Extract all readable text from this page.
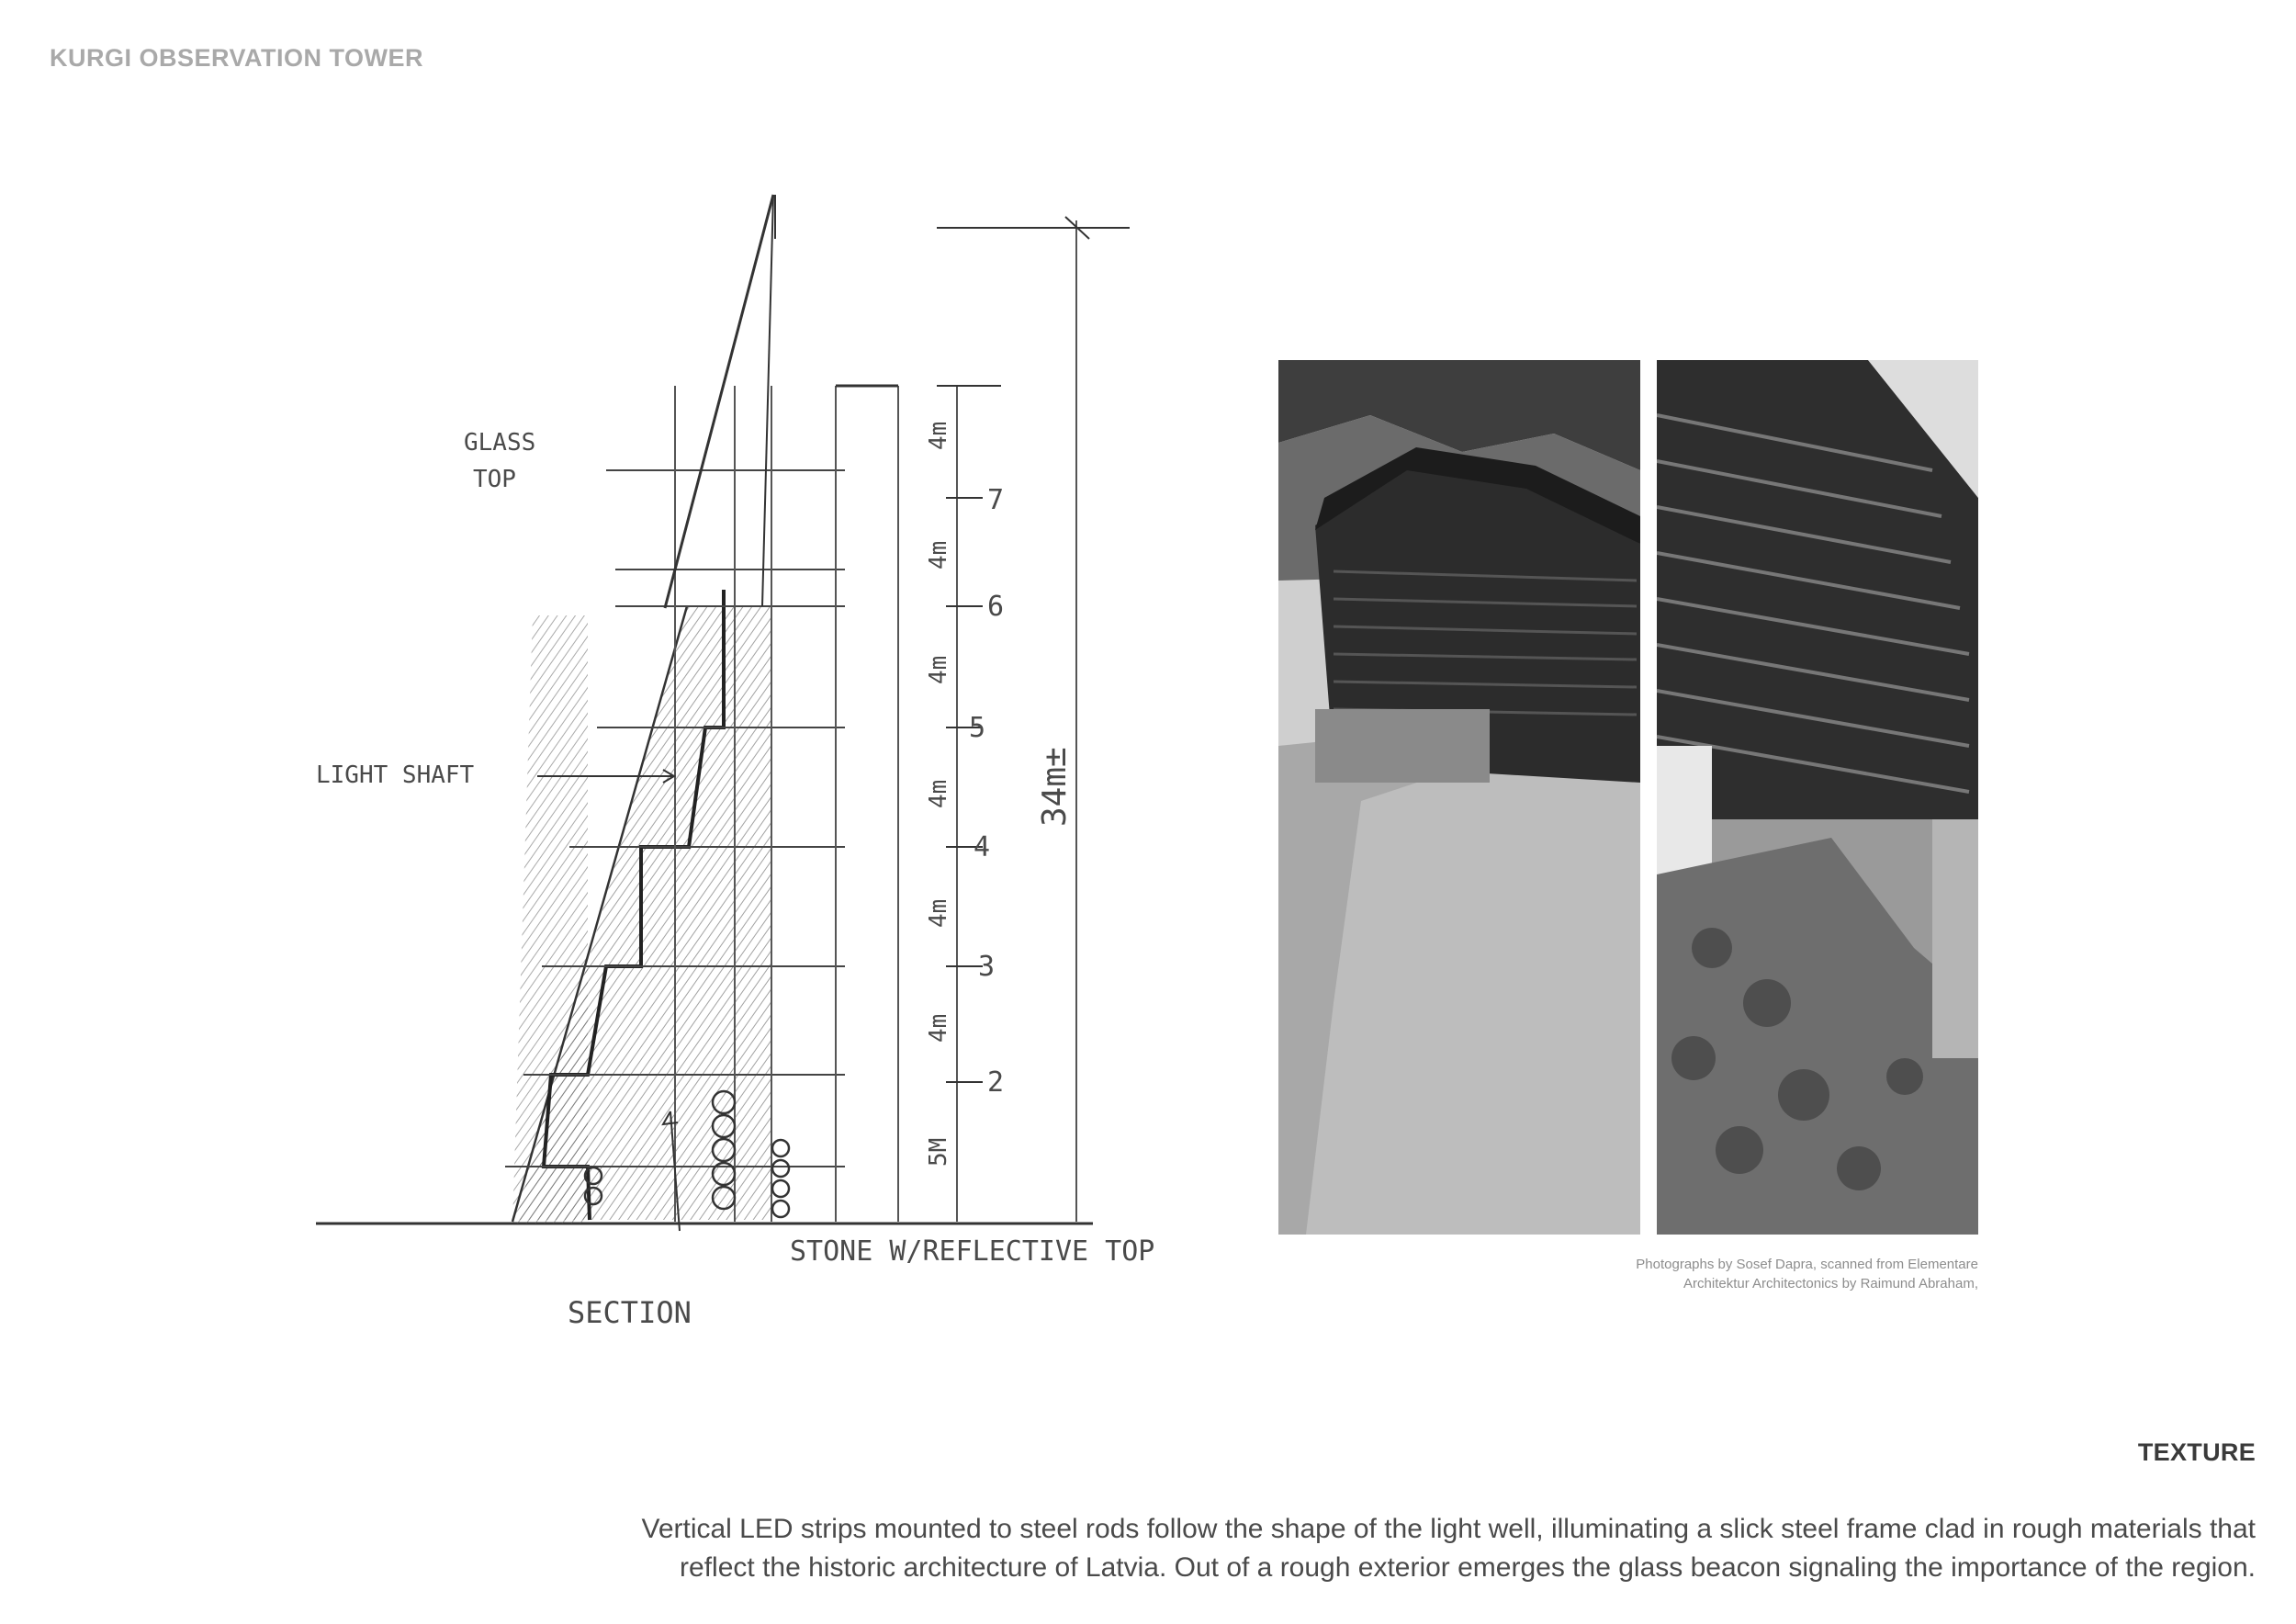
KURGI OBSERVATION TOWER
GLASS
TOP
LIGHT SHAFT
STONE W/REFLECTIVE TOP
SECTION
34m±
7
6
5
4
3
2
4m
4m
4m
4m
4m
4m
5M
Photographs by Sosef Dapra, scanned from Elementare
Architektur Architectonics by Raimund Abraham,
TEXTURE
Vertical LED strips mounted to steel rods follow the shape of the light well, illuminating a slick steel frame clad in rough materials that
reflect the historic architecture of Latvia. Out of a rough exterior emerges the glass beacon signaling the importance of the region.
